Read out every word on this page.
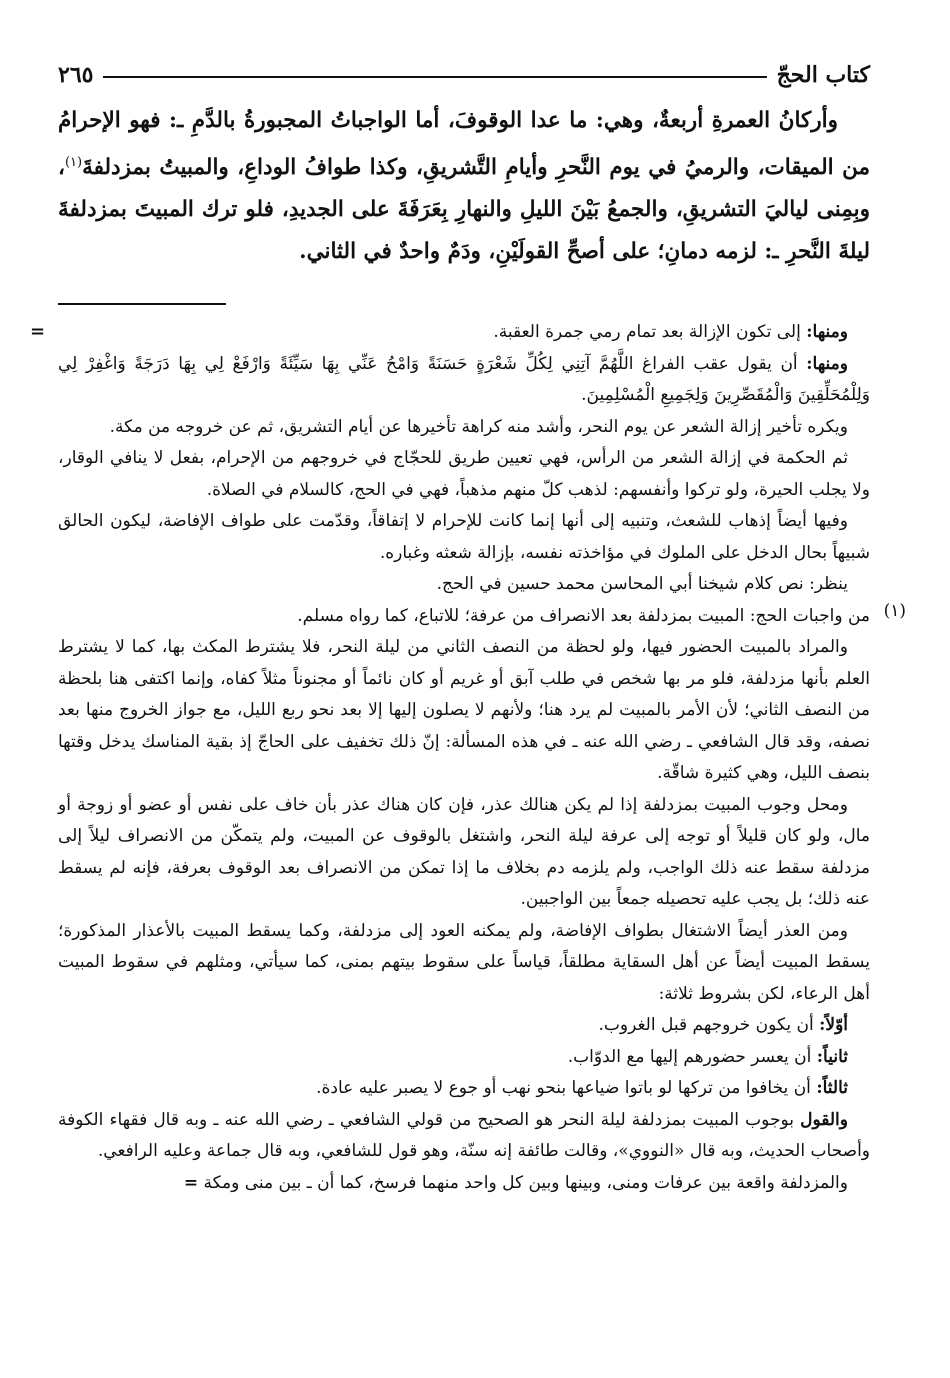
كتاب الحجّ
٢٦٥

وأركانُ العمرةِ أربعةٌ، وهي: ما عدا الوقوفَ، أما الواجباتُ المجبورةُ بالدَّمِ ـ: فهو الإحرامُ من الميقات، والرميُ في يوم النَّحرِ وأيامِ التَّشريقِ، وكذا طوافُ الوداعِ، والمبيتُ بمزدلفةَ$^{(١)}$، وبِمِنى لياليَ التشريقِ، والجمعُ بَيْنَ الليلِ والنهارِ بِعَرَفَةَ على الجديدِ، فلو ترك المبيتَ بمزدلفةَ ليلةَ النَّحرِ ـ: لزمه دمانِ؛ على أصحِّ القولَيْنِ، ودَمٌ واحدٌ في الثاني.

=	ومنها: إلى تكون الإزالة بعد تمام رمي جمرة العقبة.

ومنها: أن يقول عقب الفراغ اللَّهُمَّ آتِنِي لِكُلِّ شَعْرَةٍ حَسَنَةً وَامْحُ عَنِّي بِهَا سَيِّئَةً وَارْفَعْ لِي بِهَا دَرَجَةً وَاغْفِرْ لِي وَلِلْمُحَلِّقِينَ وَالْمُقَصِّرِينَ وَلِجَمِيعِ الْمُسْلِمِينَ.

ويكره تأخير إزالة الشعر عن يوم النحر، وأشد منه كراهة تأخيرها عن أيام التشريق، ثم عن خروجه من مكة.

ثم الحكمة في إزالة الشعر من الرأس، فهي تعيين طريق للحجّاج في خروجهم من الإحرام، بفعل لا ينافي الوقار، ولا يجلب الحيرة، ولو تركوا وأنفسهم: لذهب كلّ منهم مذهباً، فهي في الحج، كالسلام في الصلاة.

وفيها أيضاً إذهاب للشعث، وتنبيه إلى أنها إنما كانت للإحرام لا إتفاقاً، وقدّمت على طواف الإفاضة، ليكون الحالق شبيهاً بحال الدخل على الملوك في مؤاخذته نفسه، بإزالة شعثه وغباره.

ينظر: نص كلام شيخنا أبي المحاسن محمد حسين في الحج.

(١)

من واجبات الحج: المبيت بمزدلفة بعد الانصراف من عرفة؛ للاتباع، كما رواه مسلم.

والمراد بالمبيت الحضور فيها، ولو لحظة من النصف الثاني من ليلة النحر، فلا يشترط المكث بها، كما لا يشترط العلم بأنها مزدلفة، فلو مر بها شخص في طلب آبق أو غريم أو كان نائماً أو مجنوناً مثلاً كفاه، وإنما اكتفى هنا بلحظة من النصف الثاني؛ لأن الأمر بالمبيت لم يرد هنا؛ ولأنهم لا يصلون إليها إلا بعد نحو ربع الليل، مع جواز الخروج منها بعد نصفه، وقد قال الشافعي ـ رضي الله عنه ـ في هذه المسألة: إنّ ذلك تخفيف على الحاجّ إذ بقية المناسك يدخل وقتها بنصف الليل، وهي كثيرة شاقّة.

ومحل وجوب المبيت بمزدلفة إذا لم يكن هنالك عذر، فإن كان هناك عذر بأن خاف على نفس أو عضو أو زوجة أو مال، ولو كان قليلاً أو توجه إلى عرفة ليلة النحر، واشتغل بالوقوف عن المبيت، ولم يتمكّن من الانصراف ليلاً إلى مزدلفة سقط عنه ذلك الواجب، ولم يلزمه دم بخلاف ما إذا تمكن من الانصراف بعد الوقوف بعرفة، فإنه لم يسقط عنه ذلك؛ بل يجب عليه تحصيله جمعاً بين الواجبين.

ومن العذر أيضاً الاشتغال بطواف الإفاضة، ولم يمكنه العود إلى مزدلفة، وكما يسقط المبيت بالأعذار المذكورة؛ يسقط المبيت أيضاً عن أهل السقاية مطلقاً، قياساً على سقوط بيتهم بمنى، كما سيأتي، ومثلهم في سقوط المبيت أهل الرعاء، لكن بشروط ثلاثة:

أوّلاً: أن يكون خروجهم قبل الغروب.

ثانياً: أن يعسر حضورهم إليها مع الدوّاب.

ثالثاً: أن يخافوا من تركها لو باتوا ضياعها بنحو نهب أو جوع لا يصبر عليه عادة.

والقول بوجوب المبيت بمزدلفة ليلة النحر هو الصحيح من قولي الشافعي ـ رضي الله عنه ـ وبه قال فقهاء الكوفة وأصحاب الحديث، وبه قال «النووي»، وقالت طائفة إنه سنّة، وهو قول للشافعي، وبه قال جماعة وعليه الرافعي.

والمزدلفة واقعة بين عرفات ومنى، وبينها وبين كل واحد منهما فرسخ، كما أن ـ بين منى ومكة =
